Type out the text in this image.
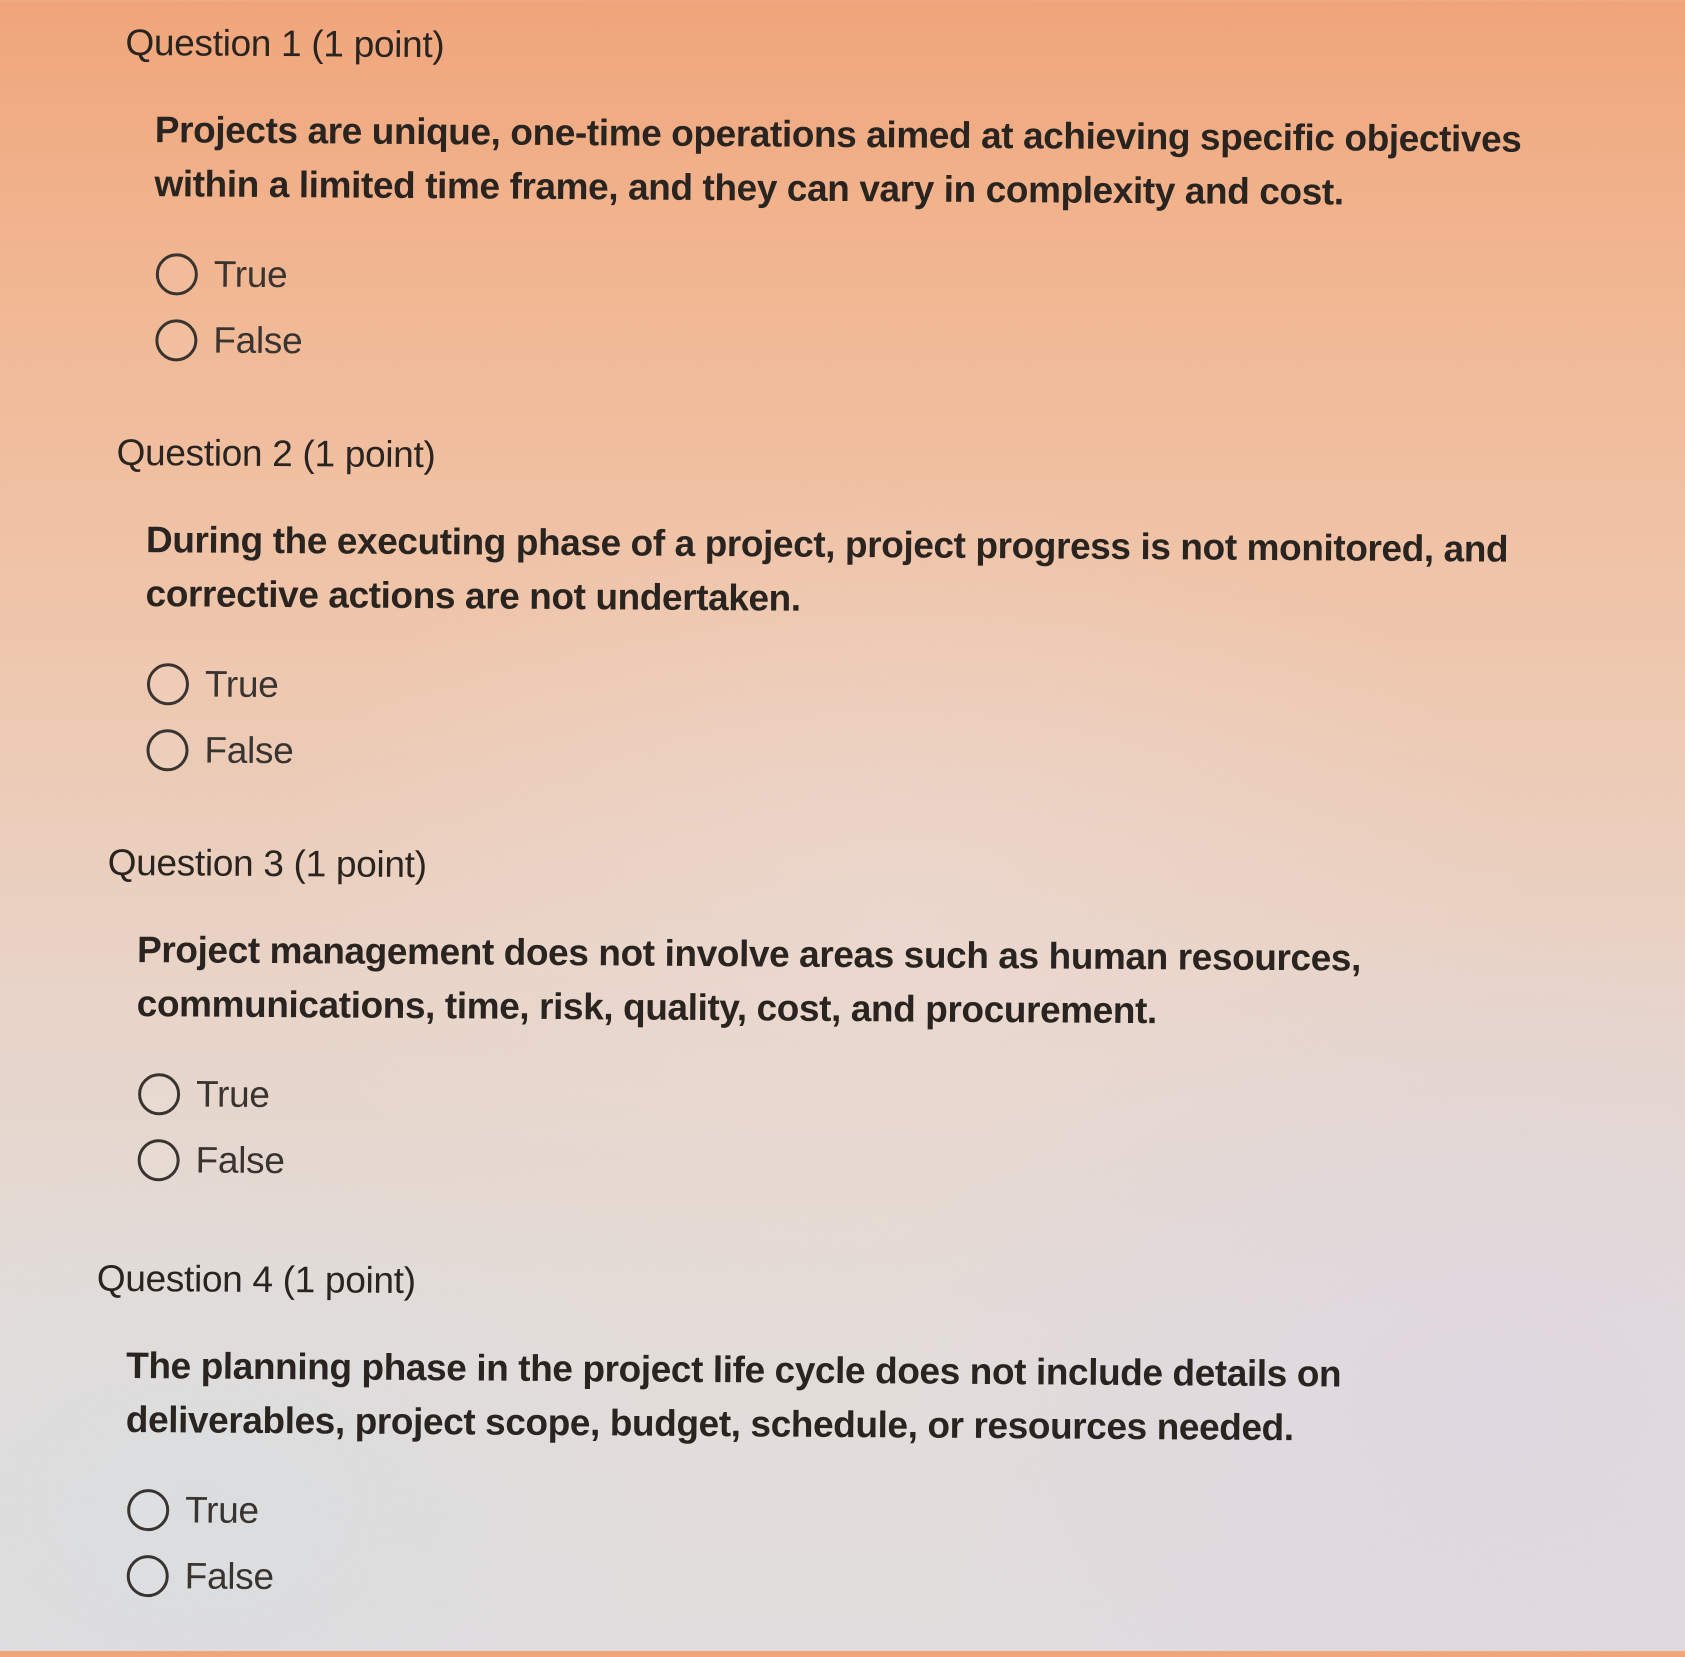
Question 1 (1 point)
Projects are unique, one-time operations aimed at achieving specific objectives within a limited time frame, and they can vary in complexity and cost.
True
False
Question 2 (1 point)
During the executing phase of a project, project progress is not monitored, and corrective actions are not undertaken.
True
False
Question 3 (1 point)
Project management does not involve areas such as human resources, communications, time, risk, quality, cost, and procurement.
True
False
Question 4 (1 point)
The planning phase in the project life cycle does not include details on deliverables, project scope, budget, schedule, or resources needed.
True
False
